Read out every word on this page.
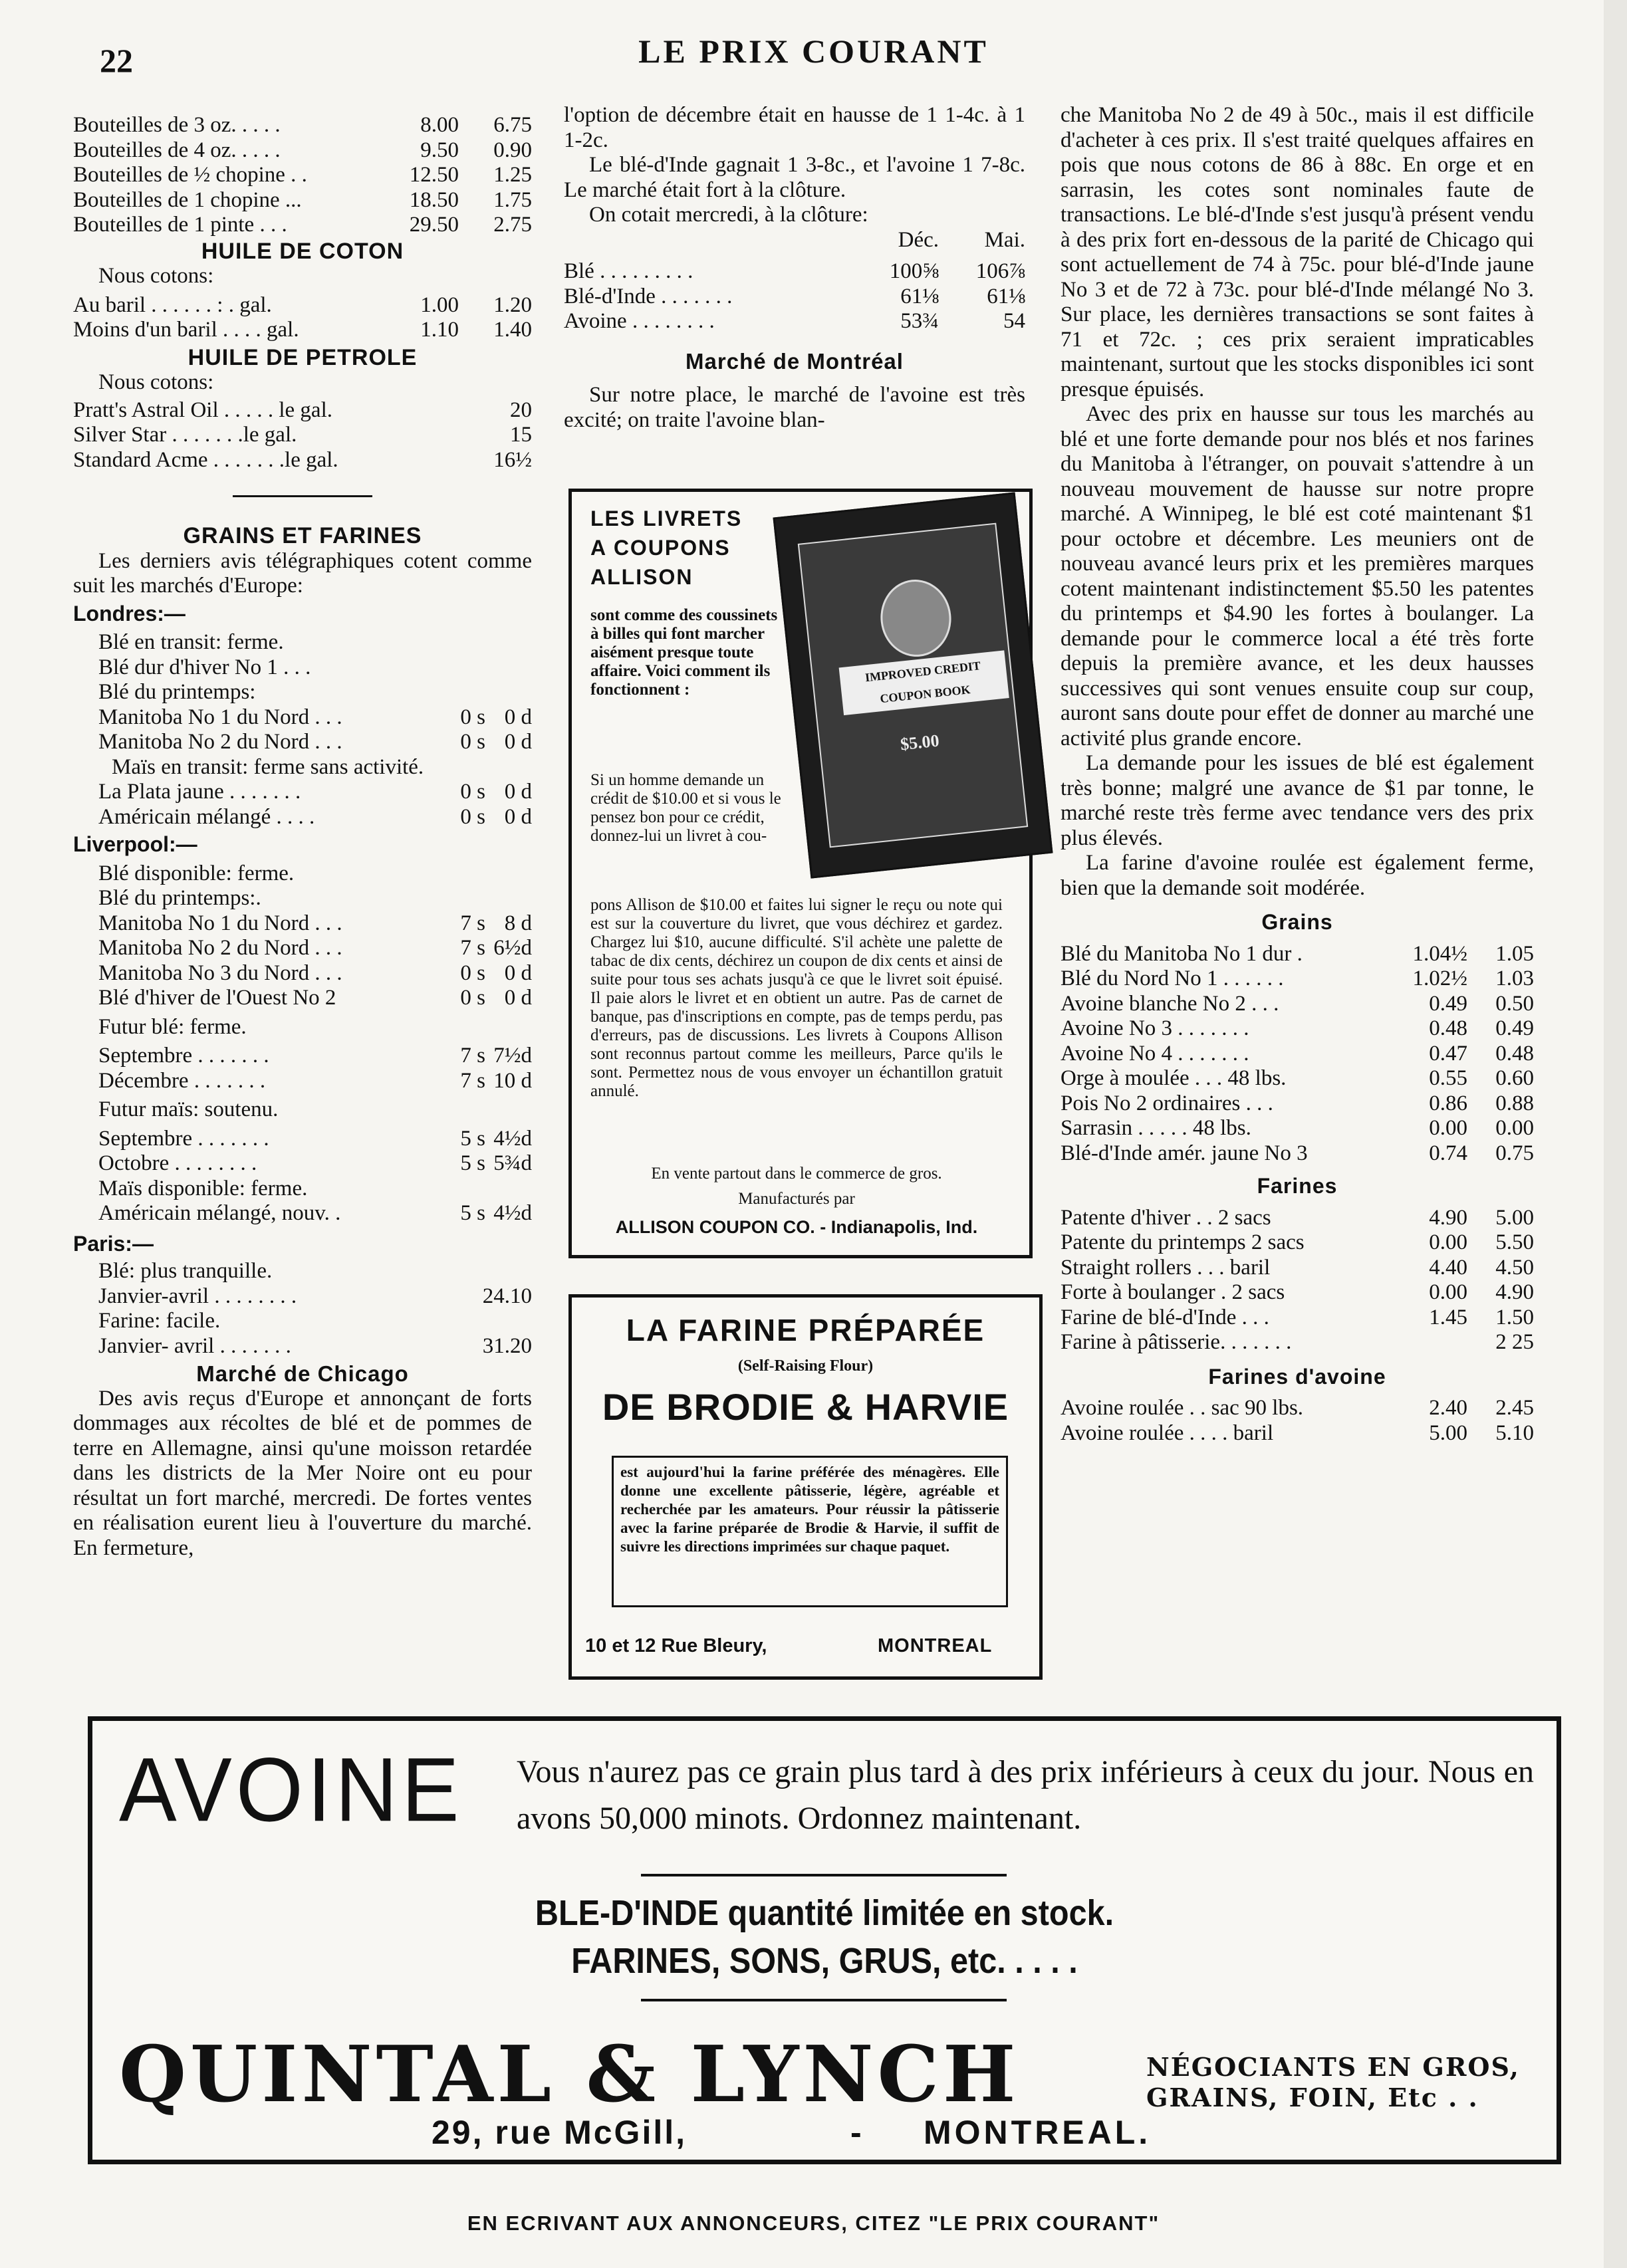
22	LE PRIX COURANT
Bouteilles de 3 oz. . . . .	8.00	6.75
Bouteilles de 4 oz. . . . .	9.50	0.90
Bouteilles de ½ chopine . .	12.50	1.25
Bouteilles de 1 chopine ...	18.50	1.75
Bouteilles de 1 pinte . . .	29.50	2.75
HUILE DE COTON

Nous cotons:

Au baril . . . . . . : . gal.	1.00	1.20
Moins d'un baril . . . . gal.	1.10	1.40
HUILE DE PETROLE

Nous cotons:

Pratt's Astral Oil . . . . . le gal.	20
Silver Star . . . . . . .le gal.	15
Standard Acme . . . . . . .le gal.	16½
GRAINS ET FARINES

Les derniers avis télégraphiques cotent comme suit les marchés d'Europe:

Londres:—

Blé en transit: ferme.

Blé dur d'hiver No 1 . . .

Blé du printemps:

Manitoba No 1 du Nord . . .	0 s 0 d
Manitoba No 2 du Nord . . .	0 s 0 d

Maïs en transit: ferme sans activité.

La Plata jaune . . . . . . .	0 s 0 d
Américain mélangé . . . .	0 s 0 d

Liverpool:—

Blé disponible: ferme.

Blé du printemps:.

Manitoba No 1 du Nord . . .	7 s 8 d
Manitoba No 2 du Nord . . .	7 s 6½d
Manitoba No 3 du Nord . . .	0 s 0 d
Blé d'hiver de l'Ouest No 2	0 s 0 d

Futur blé: ferme.

Septembre . . . . . . .	7 s 7½d
Décembre . . . . . . .	7 s 10 d

Futur maïs: soutenu.

Septembre . . . . . . .	5 s 4½d
Octobre . . . . . . . .	5 s 5¾d

Maïs disponible: ferme.

Américain mélangé, nouv. .	5 s 4½d

Paris:—

Blé: plus tranquille.
Janvier-avril . . . . . . . .	24.10
Farine: facile.
Janvier- avril . . . . . . .	31.20
Marché de Chicago

Des avis reçus d'Europe et annonçant de forts dommages aux récoltes de blé et de pommes de terre en Allemagne, ainsi qu'une moisson retardée dans les districts de la Mer Noire ont eu pour résultat un fort marché, mercredi. De fortes ventes en réalisation eurent lieu à l'ouverture du marché. En fermeture,

l'option de décembre était en hausse de 1 1-4c. à 1 1-2c.

Le blé-d'Inde gagnait 1 3-8c., et l'avoine 1 7-8c. Le marché était fort à la clôture.

On cotait mercredi, à la clôture:

Déc.	Mai.
Blé . . . . . . . . .	100⅝	106⅞
Blé-d'Inde . . . . . . .	61⅛	61⅛
Avoine . . . . . . . .	53¾	54
Marché de Montréal

Sur notre place, le marché de l'avoine est très excité; on traite l'avoine blan-

LES LIVRETS
A COUPONS
ALLISON
IMPROVED CREDIT COUPON BOOK
$5.00
sont comme des coussinets à billes qui font marcher aisément presque toute affaire. Voici comment ils fonctionnent :
Si un homme demande un crédit de $10.00 et si vous le pensez bon pour ce crédit, donnez-lui un livret à cou-
pons Allison de $10.00 et faites lui signer le reçu ou note qui est sur la couverture du livret, que vous déchirez et gardez. Chargez lui $10, aucune difficulté. S'il achète une palette de tabac de dix cents, déchirez un coupon de dix cents et ainsi de suite pour tous ses achats jusqu'à ce que le livret soit épuisé. Il paie alors le livret et en obtient un autre. Pas de carnet de banque, pas d'inscriptions en compte, pas de temps perdu, pas d'erreurs, pas de discussions. Les livrets à Coupons Allison sont reconnus partout comme les meilleurs, Parce qu'ils le sont. Permettez nous de vous envoyer un échantillon gratuit annulé.
En vente partout dans le commerce de gros.
Manufacturés par
ALLISON COUPON CO. - Indianapolis, Ind.
LA FARINE PRÉPARÉE
(Self-Raising Flour)
DE BRODIE & HARVIE
est aujourd'hui la farine préférée des ménagères. Elle donne une excellente pâtisserie, légère, agréable et recherchée par les amateurs. Pour réussir la pâtisserie avec la farine préparée de Brodie & Harvie, il suffit de suivre les directions imprimées sur chaque paquet.
10 et 12 Rue Bleury,	MONTREAL

che Manitoba No 2 de 49 à 50c., mais il est difficile d'acheter à ces prix. Il s'est traité quelques affaires en pois que nous cotons de 86 à 88c. En orge et en sarrasin, les cotes sont nominales faute de transactions. Le blé-d'Inde s'est jusqu'à présent vendu à des prix fort en-dessous de la parité de Chicago qui sont actuellement de 74 à 75c. pour blé-d'Inde jaune No 3 et de 72 à 73c. pour blé-d'Inde mélangé No 3. Sur place, les dernières transactions se sont faites à 71 et 72c. ; ces prix seraient impraticables maintenant, surtout que les stocks disponibles ici sont presque épuisés.

Avec des prix en hausse sur tous les marchés au blé et une forte demande pour nos blés et nos farines du Manitoba à l'étranger, on pouvait s'attendre à un nouveau mouvement de hausse sur notre propre marché. A Winnipeg, le blé est coté maintenant $1 pour octobre et décembre. Les meuniers ont de nouveau avancé leurs prix et les premières marques cotent maintenant indistinctement $5.50 les patentes du printemps et $4.90 les fortes à boulanger. La demande pour le commerce local a été très forte depuis la première avance, et les deux hausses successives qui sont venues ensuite coup sur coup, auront sans doute pour effet de donner au marché une activité plus grande encore.

La demande pour les issues de blé est également très bonne; malgré une avance de $1 par tonne, le marché reste très ferme avec tendance vers des prix plus élevés.

La farine d'avoine roulée est également ferme, bien que la demande soit modérée.

Grains
Blé du Manitoba No 1 dur .	1.04½	1.05
Blé du Nord No 1 . . . . . .	1.02½	1.03
Avoine blanche No 2 . . .	0.49	0.50
Avoine No 3 . . . . . . .	0.48	0.49
Avoine No 4 . . . . . . .	0.47	0.48
Orge à moulée . . . 48 lbs.	0.55	0.60
Pois No 2 ordinaires . . .	0.86	0.88
Sarrasin . . . . . 48 lbs.	0.00	0.00
Blé-d'Inde amér. jaune No 3	0.74	0.75
Farines
Patente d'hiver . . 2 sacs	4.90	5.00
Patente du printemps 2 sacs	0.00	5.50
Straight rollers . . . baril	4.40	4.50
Forte à boulanger . 2 sacs	0.00	4.90
Farine de blé-d'Inde . . .	1.45	1.50
Farine à pâtisserie. . . . . . .	2 25
Farines d'avoine
Avoine roulée . . sac 90 lbs.	2.40	2.45
Avoine roulée . . . . baril	5.00	5.10
AVOINE Vous n'aurez pas ce grain plus tard à des prix inférieurs à ceux du jour. Nous en avons 50,000 minots. Ordonnez maintenant.
BLE-D'INDE quantité limitée en stock.
FARINES, SONS, GRUS, etc. . . . .
QUINTAL & LYNCH	NÉGOCIANTS EN GROS,
GRAINS, FOIN, Etc . .
29, rue McGill,	- MONTREAL.
EN ECRIVANT AUX ANNONCEURS, CITEZ "LE PRIX COURANT"
